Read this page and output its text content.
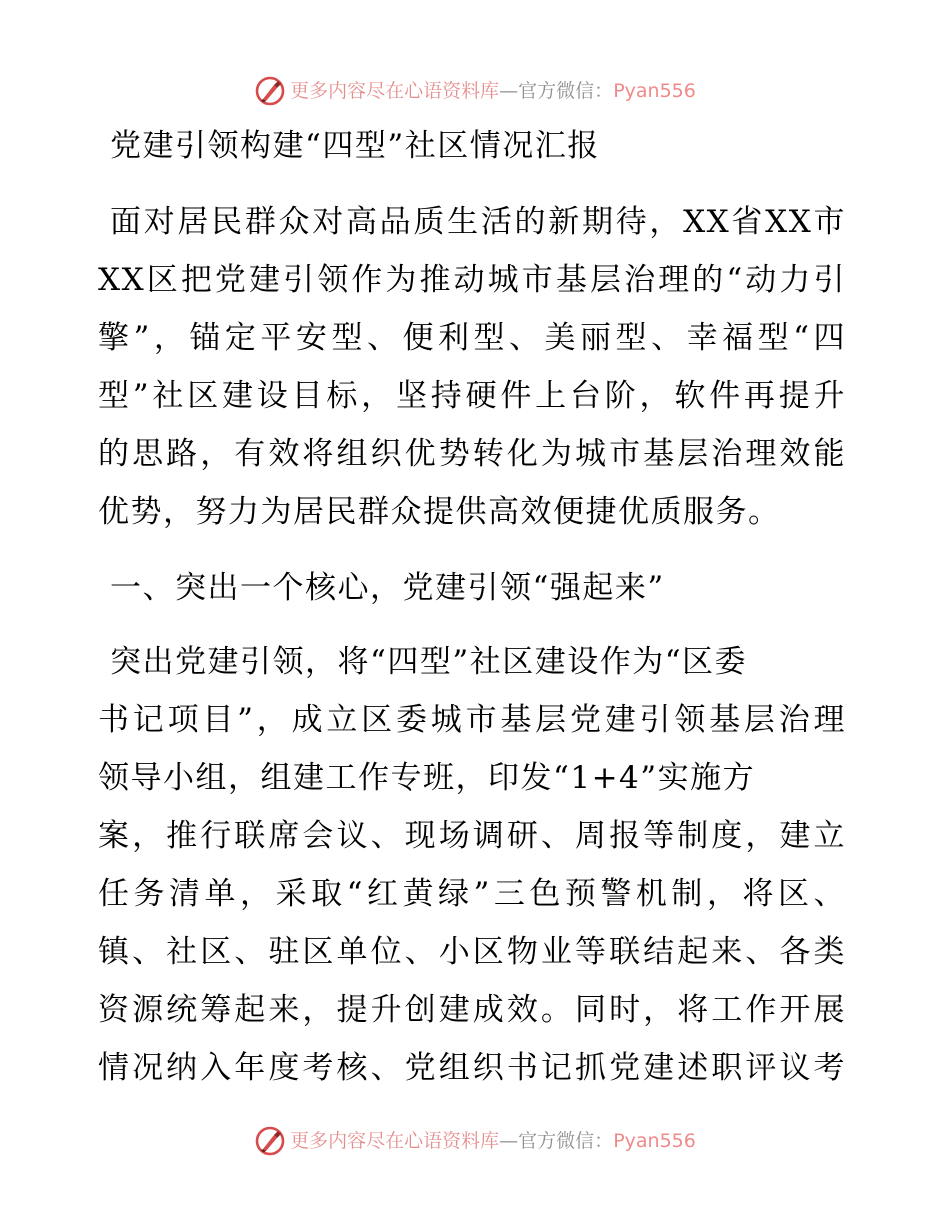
更多内容尽在心语资料库—官方微信：Pyan556
党建引领构建“四型”社区情况汇报
面对居民群众对高品质生活的新期待，XX省XX市
XX区把党建引领作为推动城市基层治理的“动力引
擎”，锚定平安型、便利型、美丽型、幸福型“四
型”社区建设目标，坚持硬件上台阶，软件再提升
的思路，有效将组织优势转化为城市基层治理效能
优势，努力为居民群众提供高效便捷优质服务。
一、突出一个核心，党建引领“强起来”
突出党建引领，将“四型”社区建设作为“区委
书记项目”，成立区委城市基层党建引领基层治理
领导小组，组建工作专班，印发“1+4”实施方
案，推行联席会议、现场调研、周报等制度，建立
任务清单，采取“红黄绿”三色预警机制，将区、
镇、社区、驻区单位、小区物业等联结起来、各类
资源统筹起来，提升创建成效。同时，将工作开展
情况纳入年度考核、党组织书记抓党建述职评议考
更多内容尽在心语资料库—官方微信：Pyan556
